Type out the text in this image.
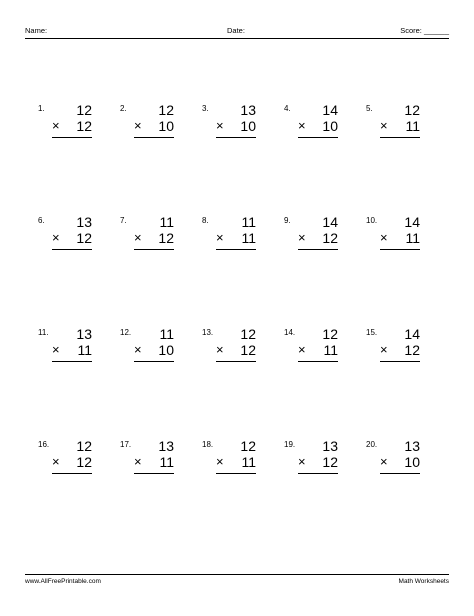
Name:	Date:	Score: ______
1. 12
× 12
2. 12
× 10
3. 13
× 10
4. 14
× 10
5. 12
× 11
6. 13
× 12
7. 11
× 12
8. 11
× 11
9. 14
× 12
10. 14
× 11
11. 13
× 11
12. 11
× 10
13. 12
× 12
14. 12
× 11
15. 14
× 12
16. 12
× 12
17. 13
× 11
18. 12
× 11
19. 13
× 12
20. 13
× 10
www.AllFreePrintable.com	Math Worksheets
